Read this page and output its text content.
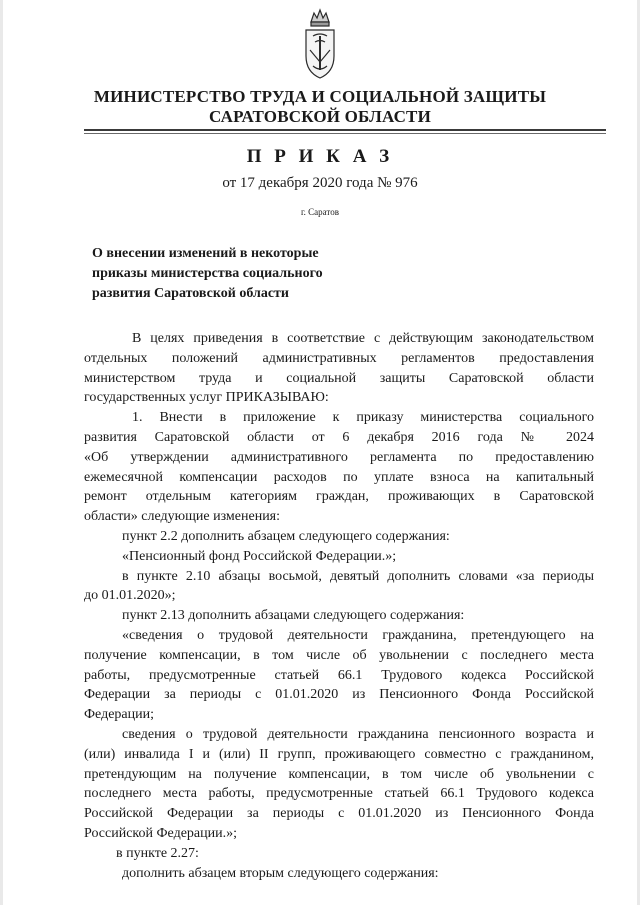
МИНИСТЕРСТВО ТРУДА И СОЦИАЛЬНОЙ ЗАЩИТЫ
САРАТОВСКОЙ ОБЛАСТИ
П Р И К А З
от 17 декабря 2020 года № 976
г. Саратов
О внесении изменений в некоторые
приказы министерства социального
развития Саратовской области
В целях приведения в соответствие с действующим законодательством
отдельных положений административных регламентов предоставления
министерством труда и социальной защиты Саратовской области
государственных услуг ПРИКАЗЫВАЮ:
1. Внести в приложение к приказу министерства социального
развития Саратовской области от 6 декабря 2016 года № 2024
«Об утверждении административного регламента по предоставлению
ежемесячной компенсации расходов по уплате взноса на капитальный
ремонт отдельным категориям граждан, проживающих в Саратовской
области» следующие изменения:
пункт 2.2 дополнить абзацем следующего содержания:
«Пенсионный фонд Российской Федерации.»;
в пункте 2.10 абзацы восьмой, девятый дополнить словами «за периоды
до 01.01.2020»;
пункт 2.13 дополнить абзацами следующего содержания:
«сведения о трудовой деятельности гражданина, претендующего на
получение компенсации, в том числе об увольнении с последнего места
работы, предусмотренные статьей 66.1 Трудового кодекса Российской
Федерации за периоды с 01.01.2020 из Пенсионного Фонда Российской
Федерации;
сведения о трудовой деятельности гражданина пенсионного возраста и
(или) инвалида I и (или) II групп, проживающего совместно с гражданином,
претендующим на получение компенсации, в том числе об увольнении с
последнего места работы, предусмотренные статьей 66.1 Трудового кодекса
Российской Федерации за периоды с 01.01.2020 из Пенсионного Фонда
Российской Федерации.»;
в пункте 2.27:
дополнить абзацем вторым следующего содержания:
